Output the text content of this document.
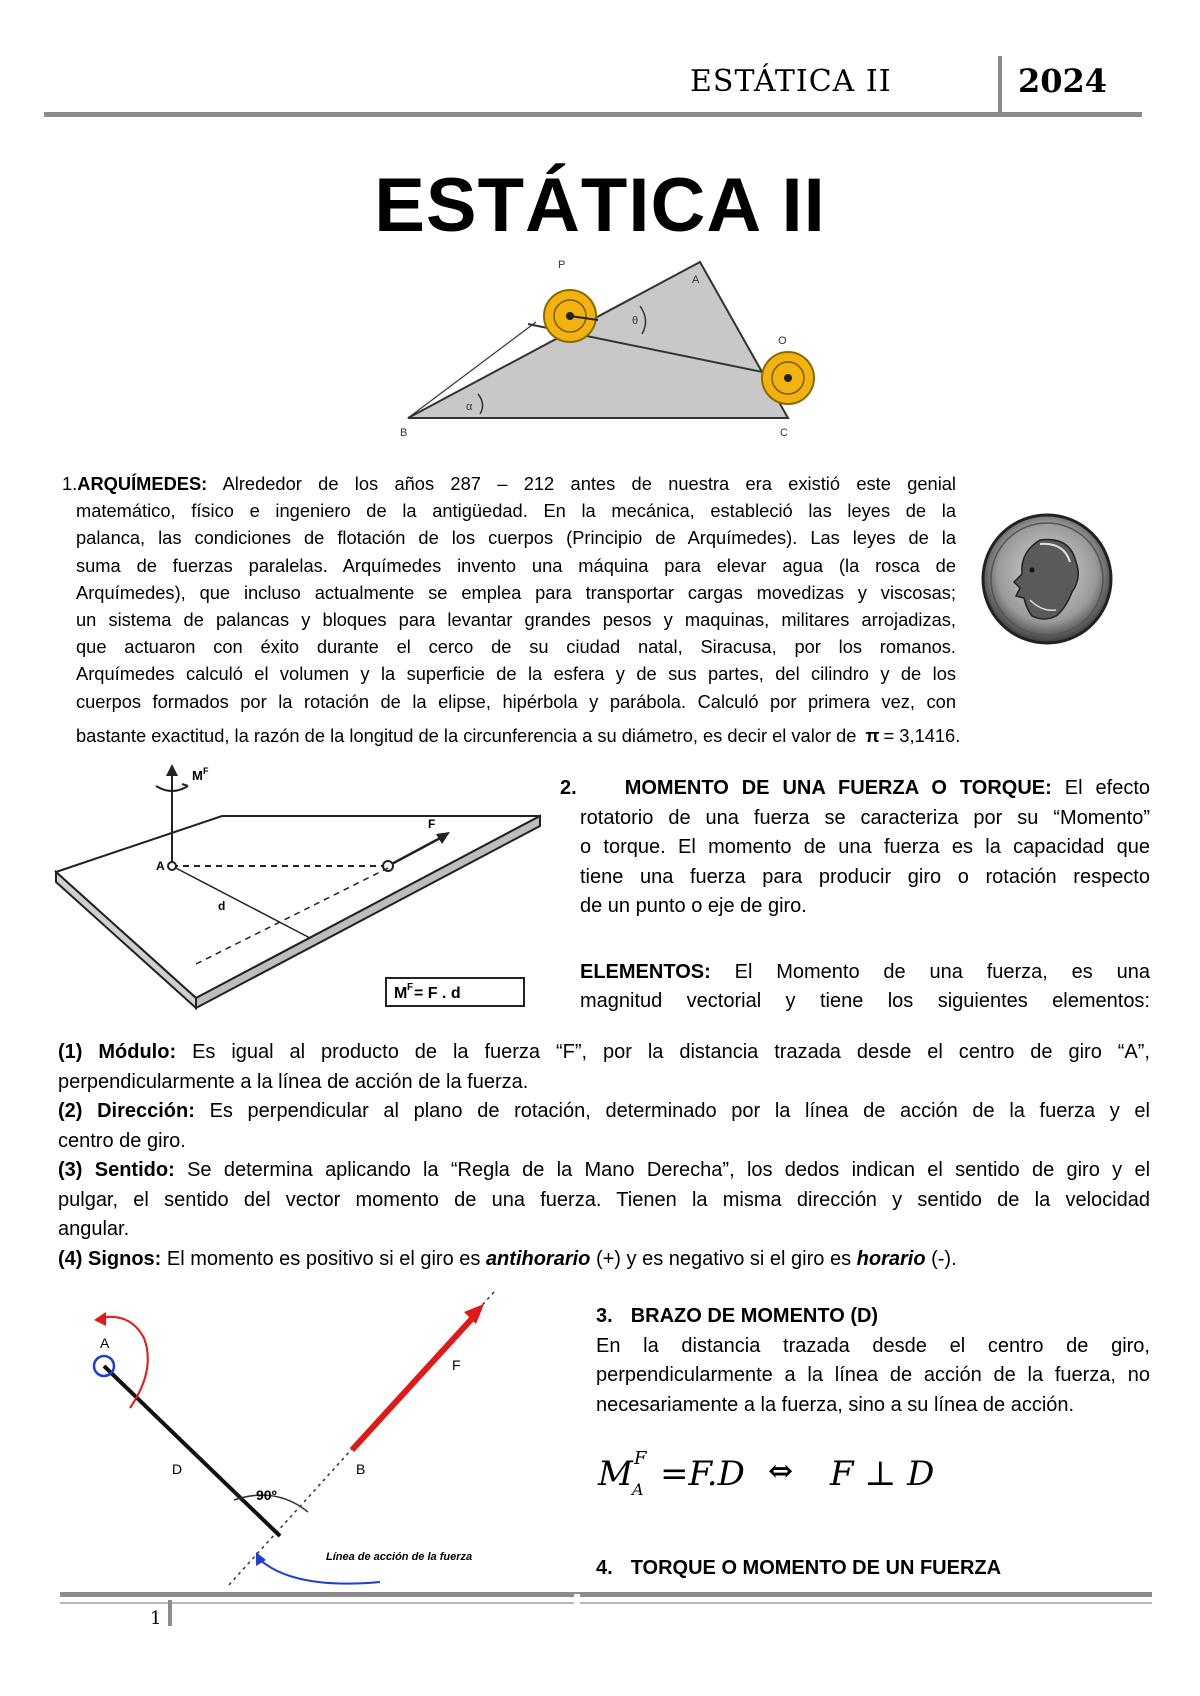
ESTÁTICA II	2024
ESTÁTICA II
B	C
A
θ
α
O
P
1.ARQUÍMEDES: Alrededor de los años 287 – 212 antes de nuestra era existió este genial
matemático, físico e ingeniero de la antigüedad. En la mecánica, estableció las leyes de la
palanca, las condiciones de flotación de los cuerpos (Principio de Arquímedes). Las leyes de la
suma de fuerzas paralelas. Arquímedes invento una máquina para elevar agua (la rosca de
Arquímedes), que incluso actualmente se emplea para transportar cargas movedizas y viscosas;
un sistema de palancas y bloques para levantar grandes pesos y maquinas, militares arrojadizas,
que actuaron con éxito durante el cerco de su ciudad natal, Siracusa, por los romanos.
Arquímedes calculó el volumen y la superficie de la esfera y de sus partes, del cilindro y de los
cuerpos formados por la rotación de la elipse, hipérbola y parábola. Calculó por primera vez, con
bastante exactitud, la razón de la longitud de la circunferencia a su diámetro, es decir el valor de π = 3,1416.
M F
F
A
d
M F = F . d
2. MOMENTO DE UNA FUERZA O TORQUE: El efecto
rotatorio de una fuerza se caracteriza por su “Momento”
o torque. El momento de una fuerza es la capacidad que
tiene una fuerza para producir giro o rotación respecto
de un punto o eje de giro.
ELEMENTOS: El Momento de una fuerza, es una
magnitud vectorial y tiene los siguientes elementos:
(1) Módulo: Es igual al producto de la fuerza “F”, por la distancia trazada desde el centro de giro “A”,
perpendicularmente a la línea de acción de la fuerza.
(2) Dirección: Es perpendicular al plano de rotación, determinado por la línea de acción de la fuerza y el
centro de giro.
(3) Sentido: Se determina aplicando la “Regla de la Mano Derecha”, los dedos indican el sentido de giro y el
pulgar, el sentido del vector momento de una fuerza. Tienen la misma dirección y sentido de la velocidad
angular.
(4) Signos: El momento es positivo si el giro es antihorario (+) y es negativo si el giro es horario (-).
A
D	B
F
90º
Línea de acción de la fuerza
3. BRAZO DE MOMENTO (D)
En la distancia trazada desde el centro de giro,
perpendicularmente a la línea de acción de la fuerza, no
necesariamente a la fuerza, sino a su línea de acción.
M F
A =F.D ⇔ F ⊥ D
4. TORQUE O MOMENTO DE UN FUERZA
1
